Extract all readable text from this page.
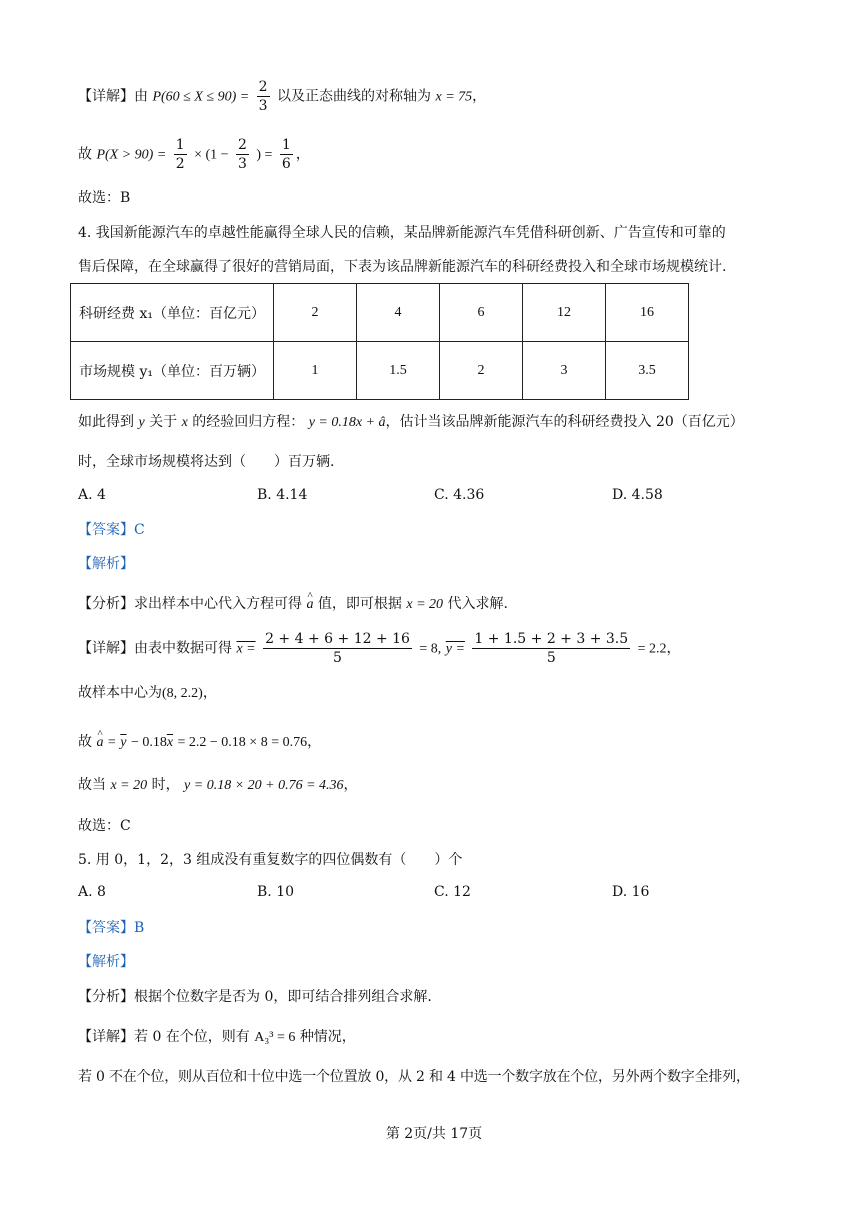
【详解】由 $P(60 \le X \le 90) = \frac{2}{3}$ 以及正态曲线的对称轴为 x = 75，
故 $P(X > 90) = \frac{1}{2} \times (1 - \frac{2}{3}$ ) = $\frac{1}{6}$ ，
故选：B
4. 我国新能源汽车的卓越性能赢得全球人民的信赖，某品牌新能源汽车凭借科研创新、广告宣传和可靠的
售后保障，在全球赢得了很好的营销局面，下表为该品牌新能源汽车的科研经费投入和全球市场规模统计.
科研经费 x₁（单位：百亿元）	2	4	6	12	16
市场规模 y₁（单位：百万辆）	1	1.5	2	3	3.5
如此得到 y 关于 x 的经验回归方程： y = 0.18x + â，估计当该品牌新能源汽车的科研经费投入 20（百亿元）
时，全球市场规模将达到（　　）百万辆.
A. 4	B. 4.14	C. 4.36	D. 4.58
【答案】C
【解析】
【分析】求出样本中心代入方程可得 ^ a 值，即可根据 x = 20 代入求解.
【详解】由表中数据可得 $x = \frac{2 + 4 + 6 + 12 + 16}{5} = 8$, $y = \frac{1 + 1.5 + 2 + 3 + 3.5}{5} = 2.2$，
故样本中心为(8, 2.2)，
故 ^ $a = \overline{y} - 0.18\overline{x} = 2.2 - 0.18 \times 8 = 0.76$，
故当 x = 20 时， y = 0.18 × 20 + 0.76 = 4.36，
故选：C
5. 用 0，1，2，3 组成没有重复数字的四位偶数有（　　）个
A. 8	B. 10	C. 12	D. 16
【答案】B
【解析】
【分析】根据个位数字是否为 0，即可结合排列组合求解.
【详解】若 0 在个位，则有 A₃³ = 6 种情况，
若 0 不在个位，则从百位和十位中选一个位置放 0，从 2 和 4 中选一个数字放在个位，另外两个数字全排列，
第 2页/共 17页
